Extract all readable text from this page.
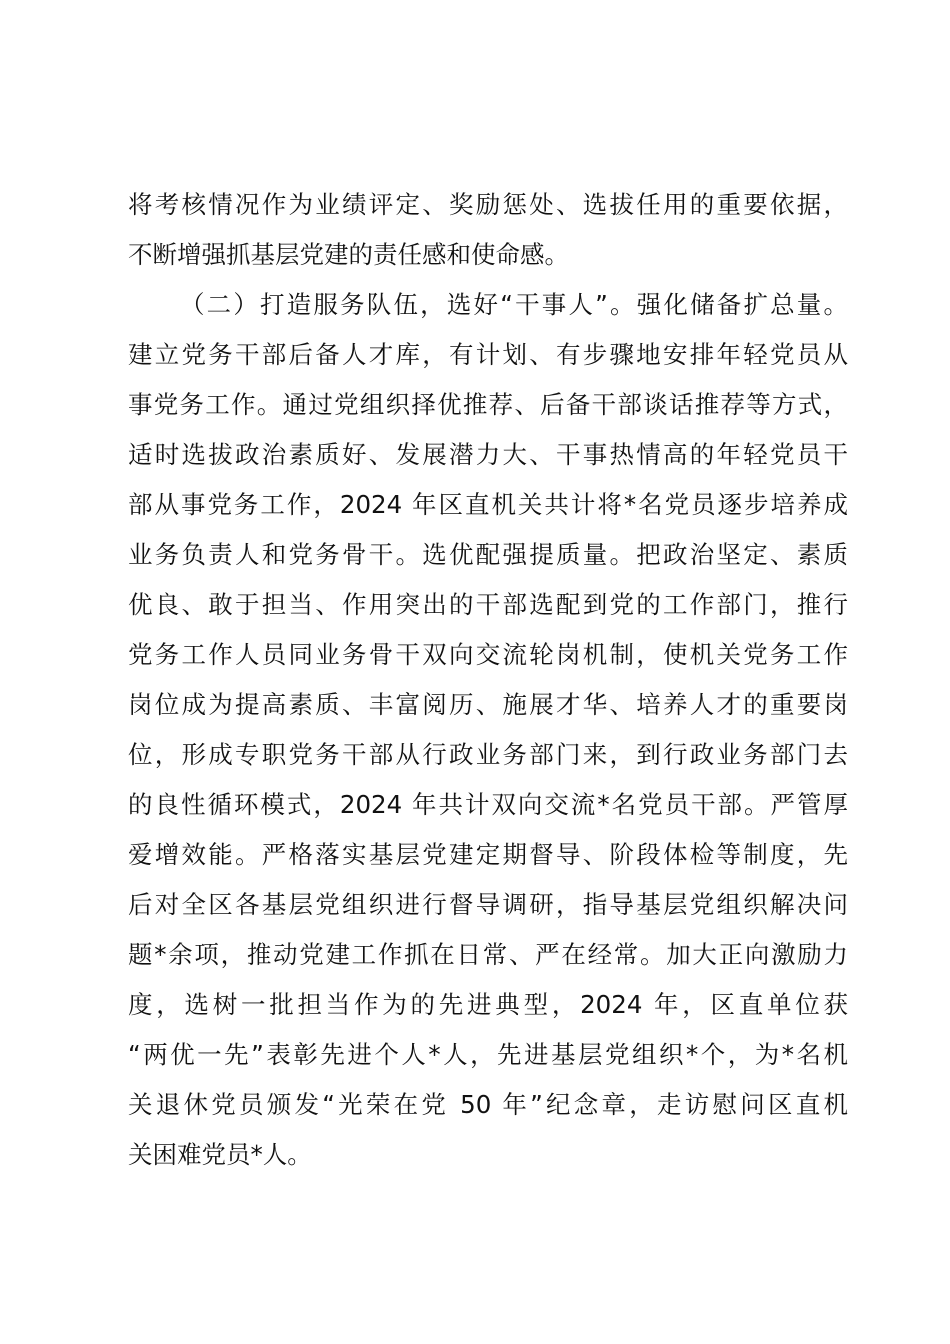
将考核情况作为业绩评定、奖励惩处、选拔任用的重要依据，
不断增强抓基层党建的责任感和使命感。
（二）打造服务队伍，选好“干事人”。强化储备扩总量。
建立党务干部后备人才库，有计划、有步骤地安排年轻党员从
事党务工作。通过党组织择优推荐、后备干部谈话推荐等方式，
适时选拔政治素质好、发展潜力大、干事热情高的年轻党员干
部从事党务工作，2024 年区直机关共计将*名党员逐步培养成
业务负责人和党务骨干。选优配强提质量。把政治坚定、素质
优良、敢于担当、作用突出的干部选配到党的工作部门，推行
党务工作人员同业务骨干双向交流轮岗机制，使机关党务工作
岗位成为提高素质、丰富阅历、施展才华、培养人才的重要岗
位，形成专职党务干部从行政业务部门来，到行政业务部门去
的良性循环模式，2024 年共计双向交流*名党员干部。严管厚
爱增效能。严格落实基层党建定期督导、阶段体检等制度，先
后对全区各基层党组织进行督导调研，指导基层党组织解决问
题*余项，推动党建工作抓在日常、严在经常。加大正向激励力
度，选树一批担当作为的先进典型，2024 年，区直单位获
“两优一先”表彰先进个人*人，先进基层党组织*个，为*名机
关退休党员颁发“光荣在党 50 年”纪念章，走访慰问区直机
关困难党员*人。
